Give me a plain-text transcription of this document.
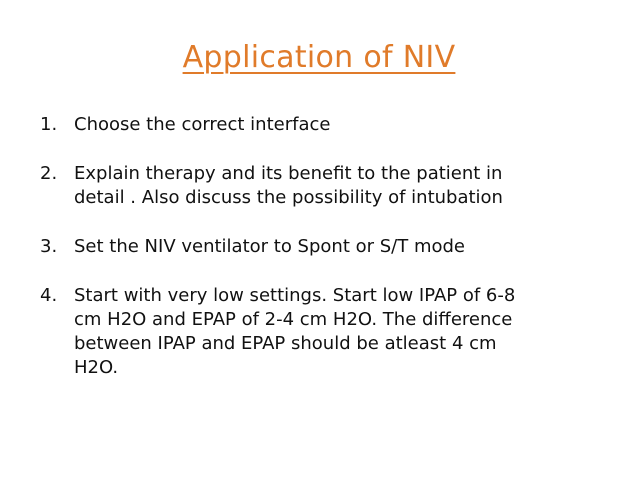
Application of NIV
1. Choose the correct interface
2. Explain therapy and its benefit to the patient in
detail . Also discuss the possibility of intubation
3. Set the NIV ventilator to Spont or S/T mode
4. Start with very low settings. Start low IPAP of 6-8
cm H2O and EPAP of 2-4 cm H2O. The difference
between IPAP and EPAP should be atleast 4 cm
H2O.
